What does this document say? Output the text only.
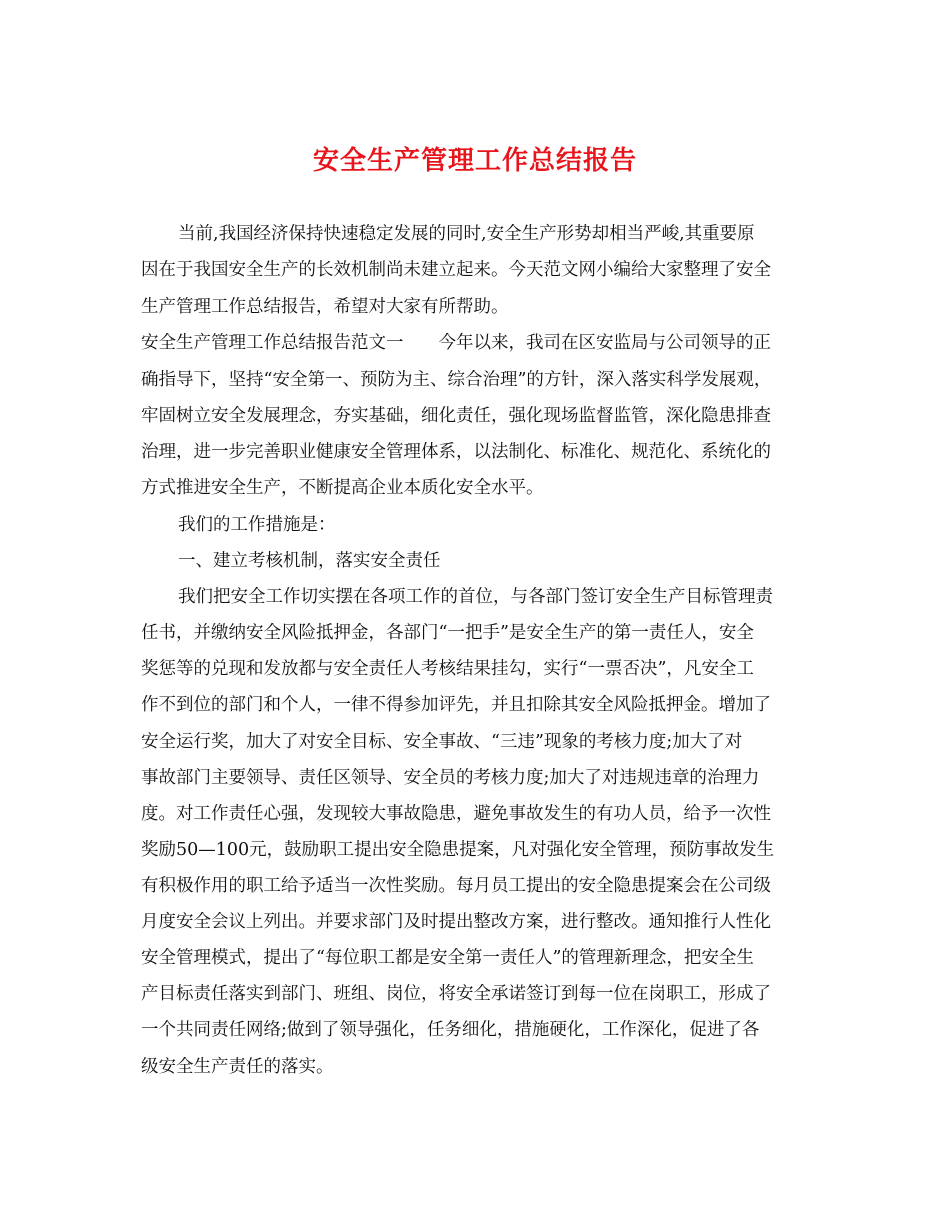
安全生产管理工作总结报告

当前,我国经济保持快速稳定发展的同时,安全生产形势却相当严峻,其重要原

因在于我国安全生产的长效机制尚未建立起来。今天范文网小编给大家整理了安全

生产管理工作总结报告，希望对大家有所帮助。

安全生产管理工作总结报告范文一　　今年以来，我司在区安监局与公司领导的正

确指导下，坚持“安全第一、预防为主、综合治理”的方针，深入落实科学发展观，

牢固树立安全发展理念，夯实基础，细化责任，强化现场监督监管，深化隐患排查

治理，进一步完善职业健康安全管理体系，以法制化、标准化、规范化、系统化的

方式推进安全生产，不断提高企业本质化安全水平。

我们的工作措施是：

一、建立考核机制，落实安全责任

我们把安全工作切实摆在各项工作的首位，与各部门签订安全生产目标管理责

任书，并缴纳安全风险抵押金，各部门“一把手”是安全生产的第一责任人，安全

奖惩等的兑现和发放都与安全责任人考核结果挂勾，实行“一票否决”，凡安全工

作不到位的部门和个人，一律不得参加评先，并且扣除其安全风险抵押金。增加了

安全运行奖，加大了对安全目标、安全事故、“三违”现象的考核力度;加大了对

事故部门主要领导、责任区领导、安全员的考核力度;加大了对违规违章的治理力

度。对工作责任心强，发现较大事故隐患，避免事故发生的有功人员，给予一次性

奖励50—100元，鼓励职工提出安全隐患提案，凡对强化安全管理，预防事故发生

有积极作用的职工给予适当一次性奖励。每月员工提出的安全隐患提案会在公司级

月度安全会议上列出。并要求部门及时提出整改方案，进行整改。通知推行人性化

安全管理模式，提出了“每位职工都是安全第一责任人”的管理新理念，把安全生

产目标责任落实到部门、班组、岗位，将安全承诺签订到每一位在岗职工，形成了

一个共同责任网络;做到了领导强化，任务细化，措施硬化，工作深化，促进了各

级安全生产责任的落实。
